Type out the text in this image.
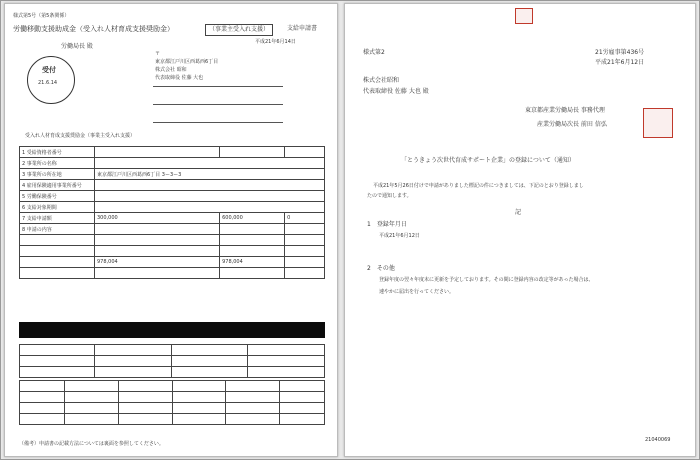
様式第5号（第5条関係）
労働移動支援助成金（受入れ人材育成支援奨励金）	（事業主受入れ支援）	支給申請書
平成21年6月14日
労働局長 殿
受付
21.6.14
〒
東京都江戸川区西葛西6丁目
株式会社 昭和
代表取締役 佐藤 大也
受入れ人材育成支援奨励金（事業主受入れ支援）
1 受給資格者番号			
2 事業所の名称			
3 事業所の所在地	東京都江戸川区西葛西6丁目 3ー3ー3		
4 雇用保険適用事業所番号			
5 労働保険番号			
6 支給対象期間			
7 支給申請額	300,000	600,000	0
8 申請の内容			

	978,004	978,004	

（備考）申請書の記載方法については裏面を参照してください。
様式第2	21労雇事第436号
平成21年6月12日
株式会社昭和
代表取締役 佐藤 大也 殿
東京都産業労働局長 事務代理
産業労働局次長 前田 信弘
「とうきょう次世代育成サポート企業」の登録について（通知）
平成21年5月26日付けで申請がありました標記の件につきましては、下記のとおり登録しまし
たので通知します。
記
1　登録年月日
平成21年6月12日
2　その他
登録年度の翌々年度末に更新を予定しております。その間に登録内容の改定等があった場合は、
速やかに届出を行ってください。
21040069
